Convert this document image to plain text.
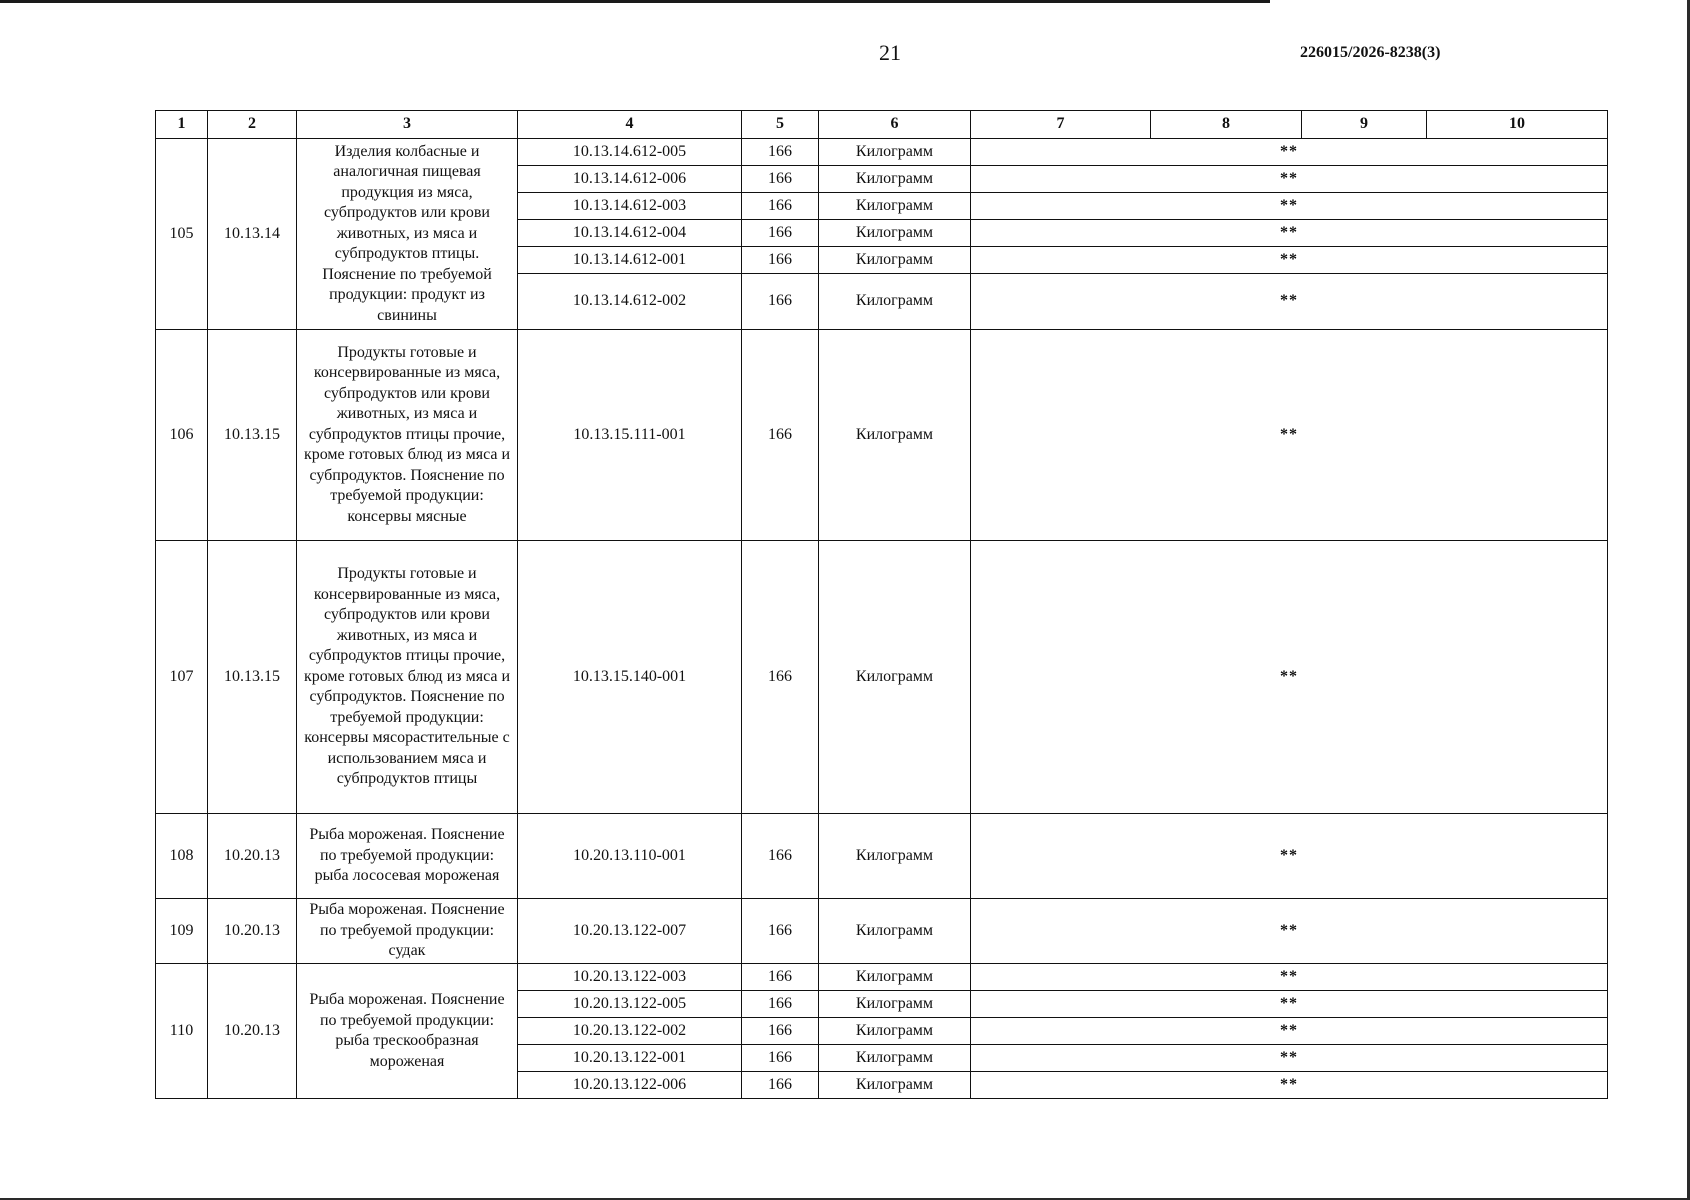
21	226015/2026-8238(3)
1	2	3	4	5	6	7	8	9	10
105	10.13.14	Изделия колбасные и аналогичная пищевая продукция из мяса, субпродуктов или крови животных, из мяса и субпродуктов птицы. Пояснение по требуемой продукции: продукт из свинины	10.13.14.612-005	166	Килограмм	**			
			10.13.14.612-006	166	Килограмм	**			
			10.13.14.612-003	166	Килограмм	**			
			10.13.14.612-004	166	Килограмм	**			
			10.13.14.612-001	166	Килограмм	**			
			10.13.14.612-002	166	Килограмм	**			
106	10.13.15	Продукты готовые и консервированные из мяса, субпродуктов или крови животных, из мяса и субпродуктов птицы прочие, кроме готовых блюд из мяса и субпродуктов. Пояснение по требуемой продукции: консервы мясные	10.13.15.111-001	166	Килограмм	**			
107	10.13.15	Продукты готовые и консервированные из мяса, субпродуктов или крови животных, из мяса и субпродуктов птицы прочие, кроме готовых блюд из мяса и субпродуктов. Пояснение по требуемой продукции: консервы мясорастительные с использованием мяса и субпродуктов птицы	10.13.15.140-001	166	Килограмм	**			
108	10.20.13	Рыба мороженая. Пояснение по требуемой продукции: рыба лососевая мороженая	10.20.13.110-001	166	Килограмм	**			
109	10.20.13	Рыба мороженая. Пояснение по требуемой продукции: судак	10.20.13.122-007	166	Килограмм	**			
110	10.20.13	Рыба мороженая. Пояснение по требуемой продукции: рыба трескообразная мороженая	10.20.13.122-003	166	Килограмм	**			
			10.20.13.122-005	166	Килограмм	**			
			10.20.13.122-002	166	Килограмм	**			
			10.20.13.122-001	166	Килограмм	**			
			10.20.13.122-006	166	Килограмм	**			
